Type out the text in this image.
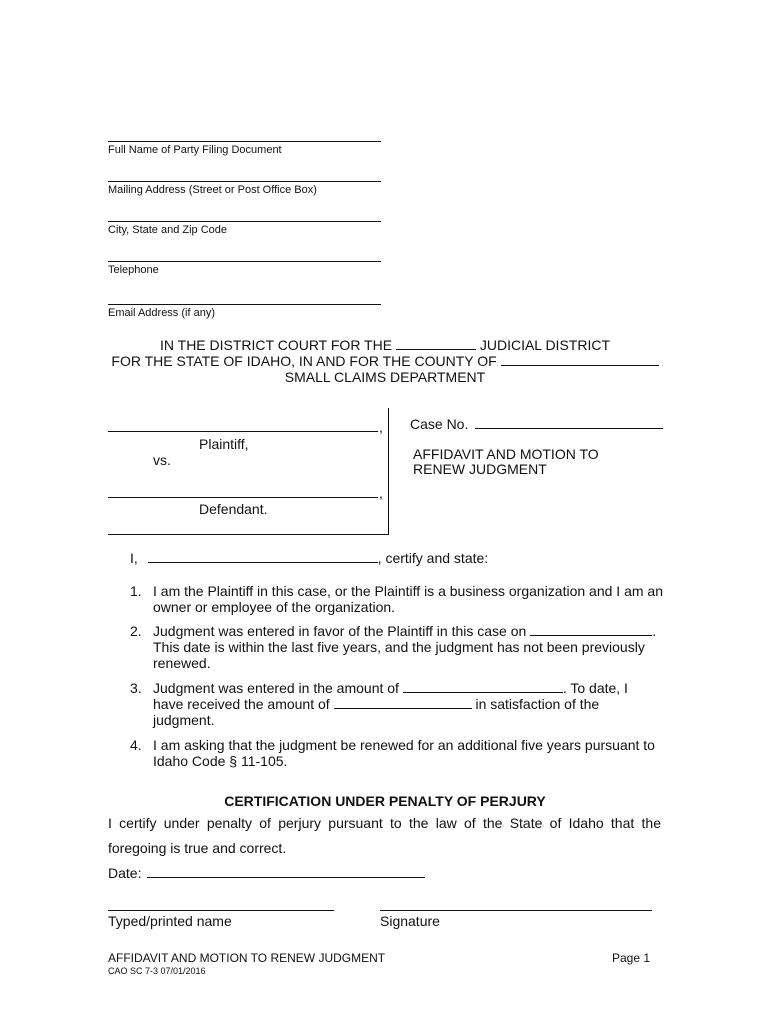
Full Name of Party Filing Document
Mailing Address (Street or Post Office Box)
City, State and Zip Code
Telephone
Email Address (if any)
IN THE DISTRICT COURT FOR THE	JUDICIAL DISTRICT
FOR THE STATE OF IDAHO, IN AND FOR THE COUNTY OF
SMALL CLAIMS DEPARTMENT
,
Plaintiff,
vs.
,
Defendant.
Case No.
AFFIDAVIT AND MOTION TO
RENEW JUDGMENT
I,	, certify and state:
1. I am the Plaintiff in this case, or the Plaintiff is a business organization and I am an
owner or employee of the organization.
2. Judgment was entered in favor of the Plaintiff in this case on	.
This date is within the last five years, and the judgment has not been previously
renewed.
3. Judgment was entered in the amount of	. To date, I
have received the amount of	in satisfaction of the
judgment.
4. I am asking that the judgment be renewed for an additional five years pursuant to
Idaho Code § 11-105.
CERTIFICATION UNDER PENALTY OF PERJURY
I certify under penalty of perjury pursuant to the law of the State of Idaho that the
foregoing is true and correct.
Date:
Typed/printed name	Signature
AFFIDAVIT AND MOTION TO RENEW JUDGMENT	Page 1
CAO SC 7-3 07/01/2016
